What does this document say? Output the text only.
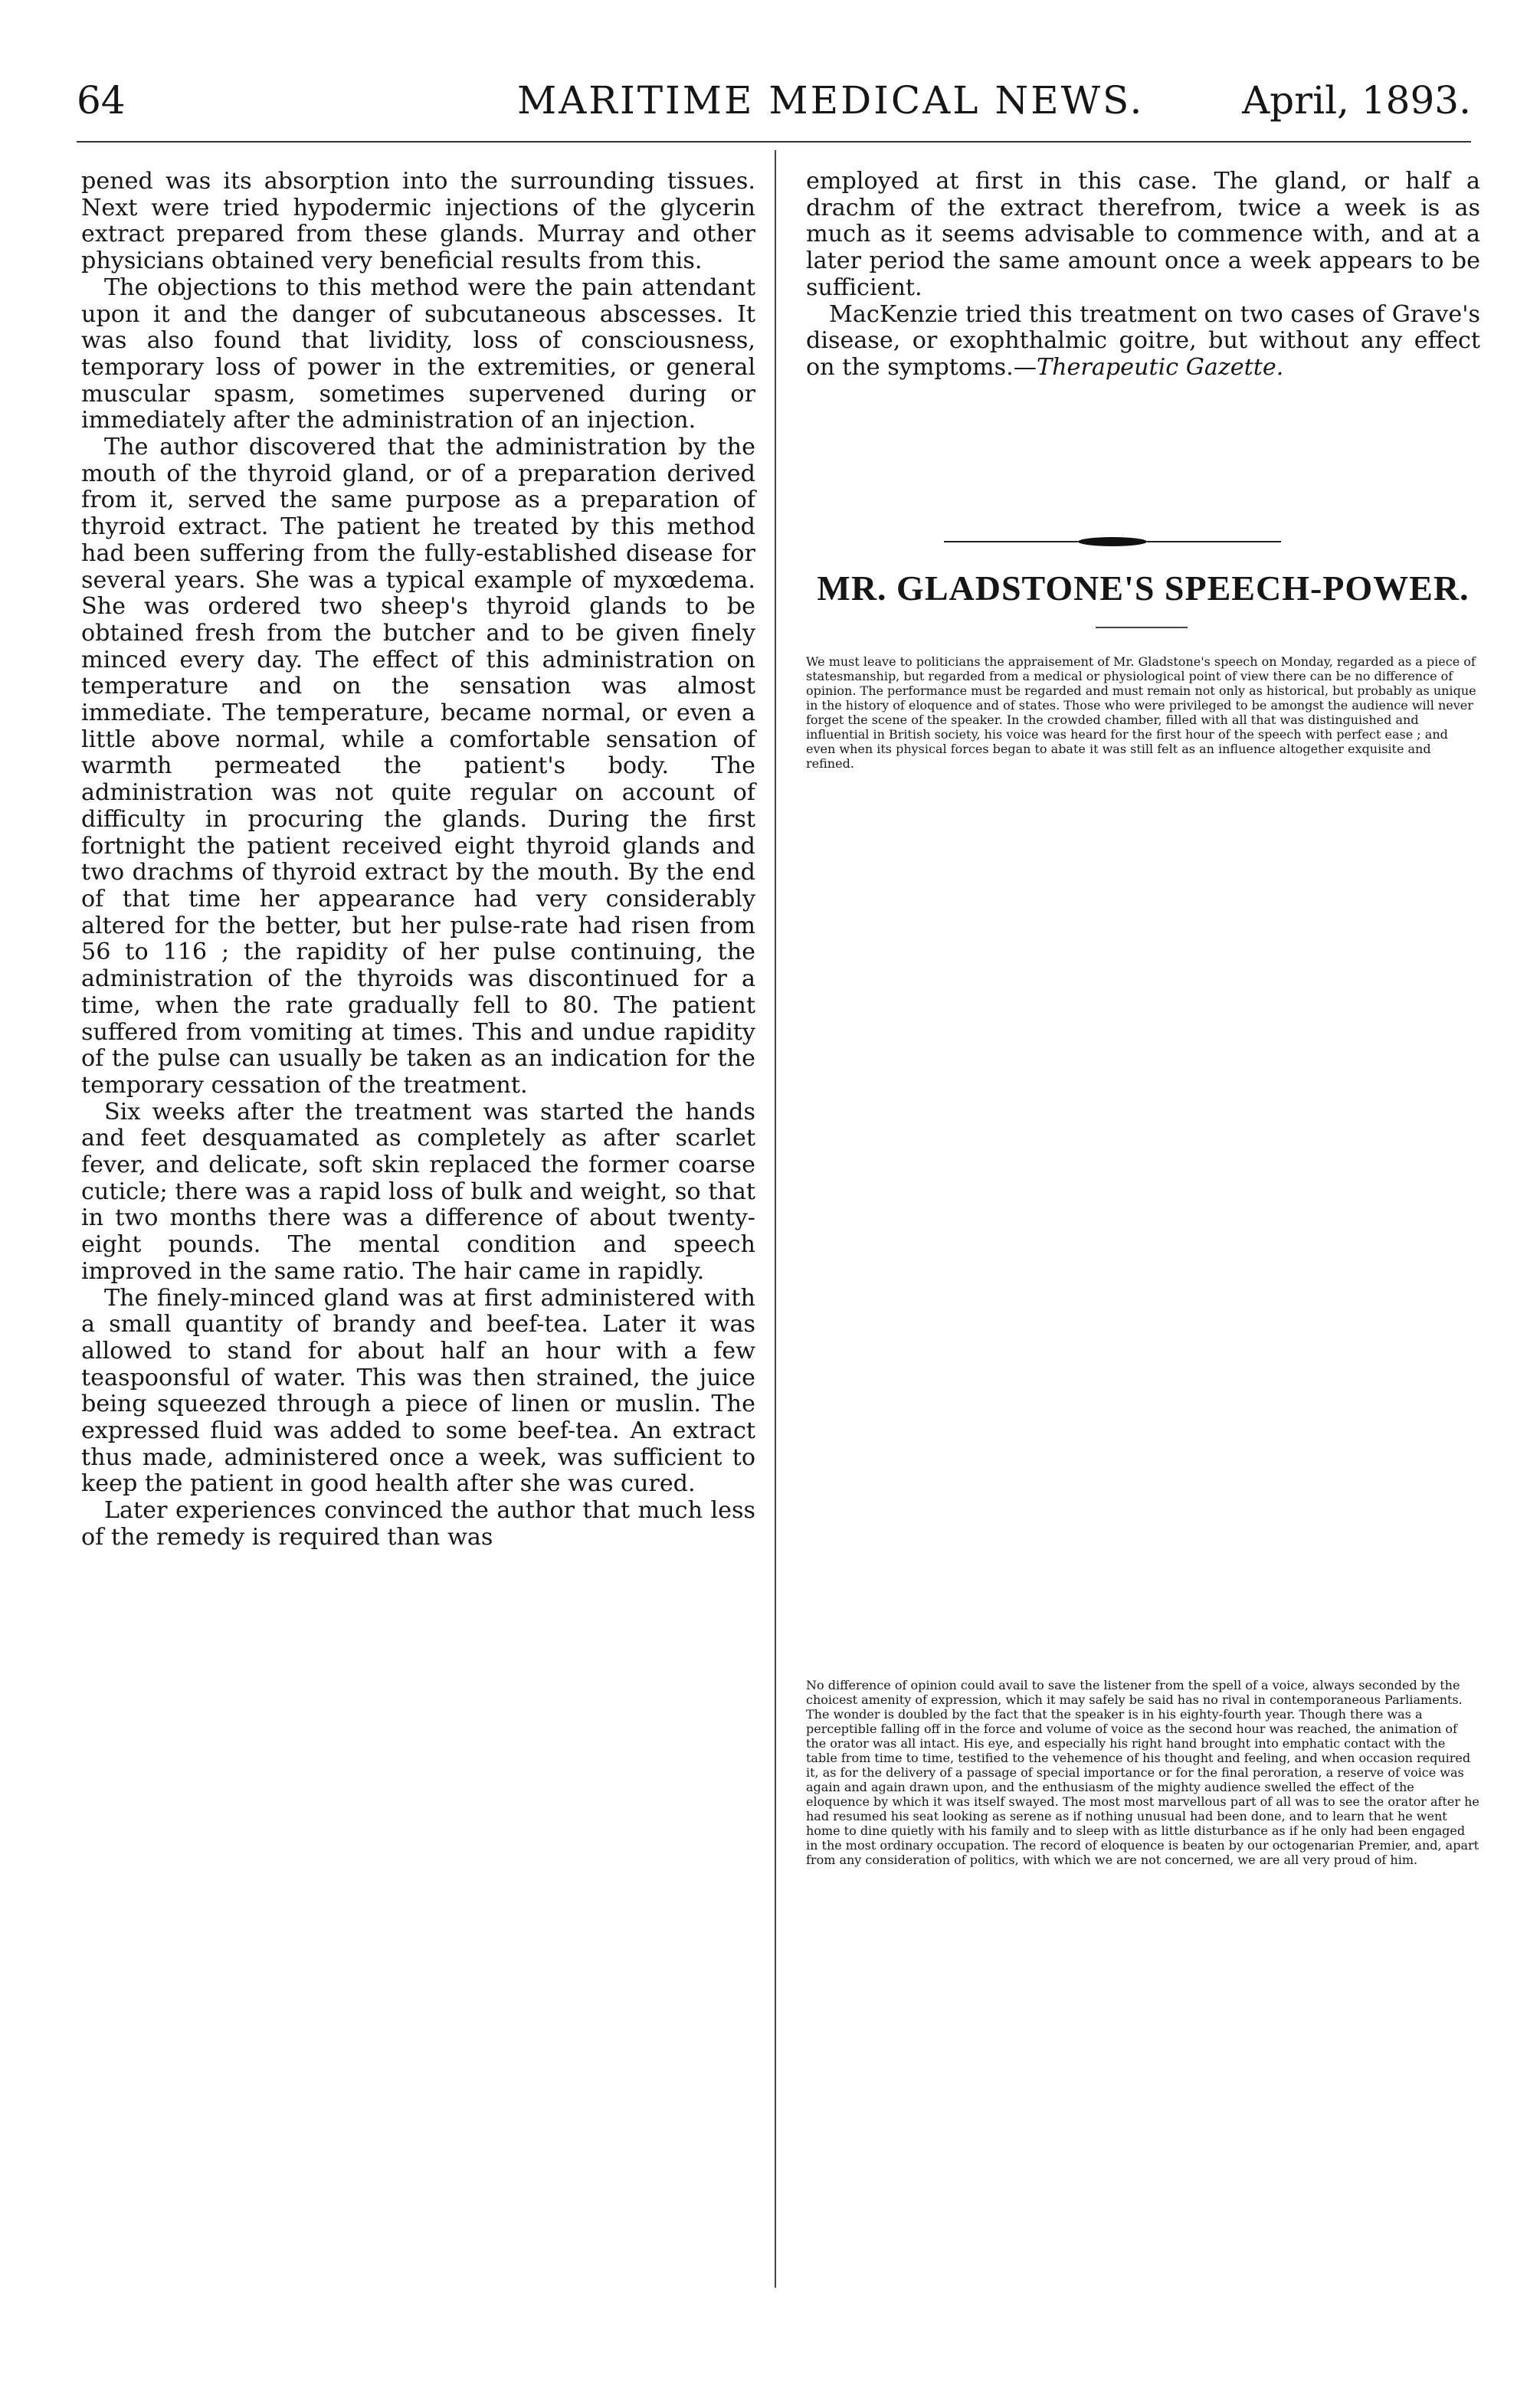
64	MARITIME MEDICAL NEWS.	April, 1893.

pened was its absorption into the surrounding tissues. Next were tried hypodermic injections of the glycerin extract prepared from these glands. Murray and other physicians obtained very beneficial results from this.

The objections to this method were the pain attendant upon it and the danger of subcutaneous abscesses. It was also found that lividity, loss of consciousness, temporary loss of power in the extremities, or general muscular spasm, sometimes supervened during or immediately after the administration of an injection.

The author discovered that the administration by the mouth of the thyroid gland, or of a preparation derived from it, served the same purpose as a preparation of thyroid extract. The patient he treated by this method had been suffering from the fully-established disease for several years. She was a typical example of myxœdema. She was ordered two sheep's thyroid glands to be obtained fresh from the butcher and to be given finely minced every day. The effect of this administration on temperature and on the sensation was almost immediate. The temperature, became normal, or even a little above normal, while a comfortable sensation of warmth permeated the patient's body. The administration was not quite regular on account of difficulty in procuring the glands. During the first fortnight the patient received eight thyroid glands and two drachms of thyroid extract by the mouth. By the end of that time her appearance had very considerably altered for the better, but her pulse-rate had risen from 56 to 116 ; the rapidity of her pulse continuing, the administration of the thyroids was discontinued for a time, when the rate gradually fell to 80. The patient suffered from vomiting at times. This and undue rapidity of the pulse can usually be taken as an indication for the temporary cessation of the treatment.

Six weeks after the treatment was started the hands and feet desquamated as completely as after scarlet fever, and delicate, soft skin replaced the former coarse cuticle; there was a rapid loss of bulk and weight, so that in two months there was a difference of about twenty-eight pounds. The mental condition and speech improved in the same ratio. The hair came in rapidly.

The finely-minced gland was at first administered with a small quantity of brandy and beef-tea. Later it was allowed to stand for about half an hour with a few teaspoonsful of water. This was then strained, the juice being squeezed through a piece of linen or muslin. The expressed fluid was added to some beef-tea. An extract thus made, administered once a week, was sufficient to keep the patient in good health after she was cured.

Later experiences convinced the author that much less of the remedy is required than was

employed at first in this case. The gland, or half a drachm of the extract therefrom, twice a week is as much as it seems advisable to commence with, and at a later period the same amount once a week appears to be sufficient.

MacKenzie tried this treatment on two cases of Grave's disease, or exophthalmic goitre, but without any effect on the symptoms.—Therapeutic Gazette.

MR. GLADSTONE'S SPEECH-POWER.

We must leave to politicians the appraisement of Mr. Gladstone's speech on Monday, regarded as a piece of statesmanship, but regarded from a medical or physiological point of view there can be no difference of opinion. The performance must be regarded and must remain not only as historical, but probably as unique in the history of eloquence and of states. Those who were privileged to be amongst the audience will never forget the scene of the speaker. In the crowded chamber, filled with all that was distinguished and influential in British society, his voice was heard for the first hour of the speech with perfect ease ; and even when its physical forces began to abate it was still felt as an influence altogether exquisite and refined.

No difference of opinion could avail to save the listener from the spell of a voice, always seconded by the choicest amenity of expression, which it may safely be said has no rival in contemporaneous Parliaments. The wonder is doubled by the fact that the speaker is in his eighty-fourth year. Though there was a perceptible falling off in the force and volume of voice as the second hour was reached, the animation of the orator was all intact. His eye, and especially his right hand brought into emphatic contact with the table from time to time, testified to the vehemence of his thought and feeling, and when occasion required it, as for the delivery of a passage of special importance or for the final peroration, a reserve of voice was again and again drawn upon, and the enthusiasm of the mighty audience swelled the effect of the eloquence by which it was itself swayed. The most most marvellous part of all was to see the orator after he had resumed his seat looking as serene as if nothing unusual had been done, and to learn that he went home to dine quietly with his family and to sleep with as little disturbance as if he only had been engaged in the most ordinary occupation. The record of eloquence is beaten by our octogenarian Premier, and, apart from any consideration of politics, with which we are not concerned, we are all very proud of him.
